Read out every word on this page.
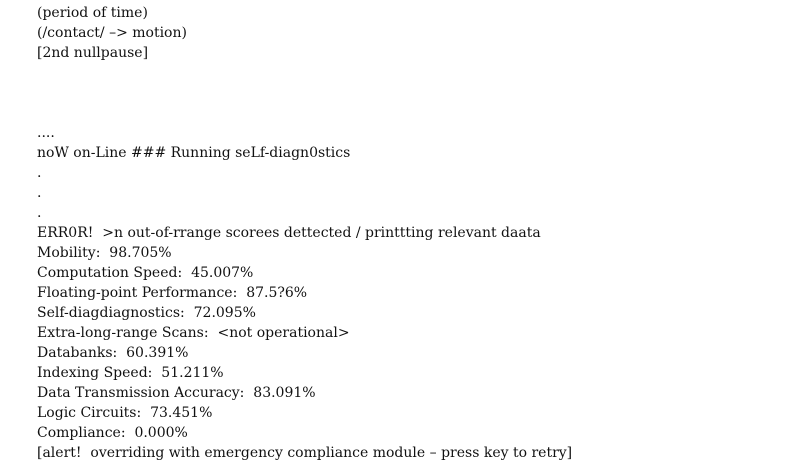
(period of time)
(/contact/ –> motion)
[2nd nullpause]
....
noW on-Line ### Running seLf-diagn0stics
.
.
.
ERR0R!  >n out-of-rrange scorees dettected / printtting relevant daata
Mobility:  98.705%
Computation Speed:  45.007%
Floating-point Performance:  87.5?6%
Self-diagdiagnostics:  72.095%
Extra-long-range Scans:  <not operational>
Databanks:  60.391%
Indexing Speed:  51.211%
Data Transmission Accuracy:  83.091%
Logic Circuits:  73.451%
Compliance:  0.000%
[alert!  overriding with emergency compliance module – press key to retry]
